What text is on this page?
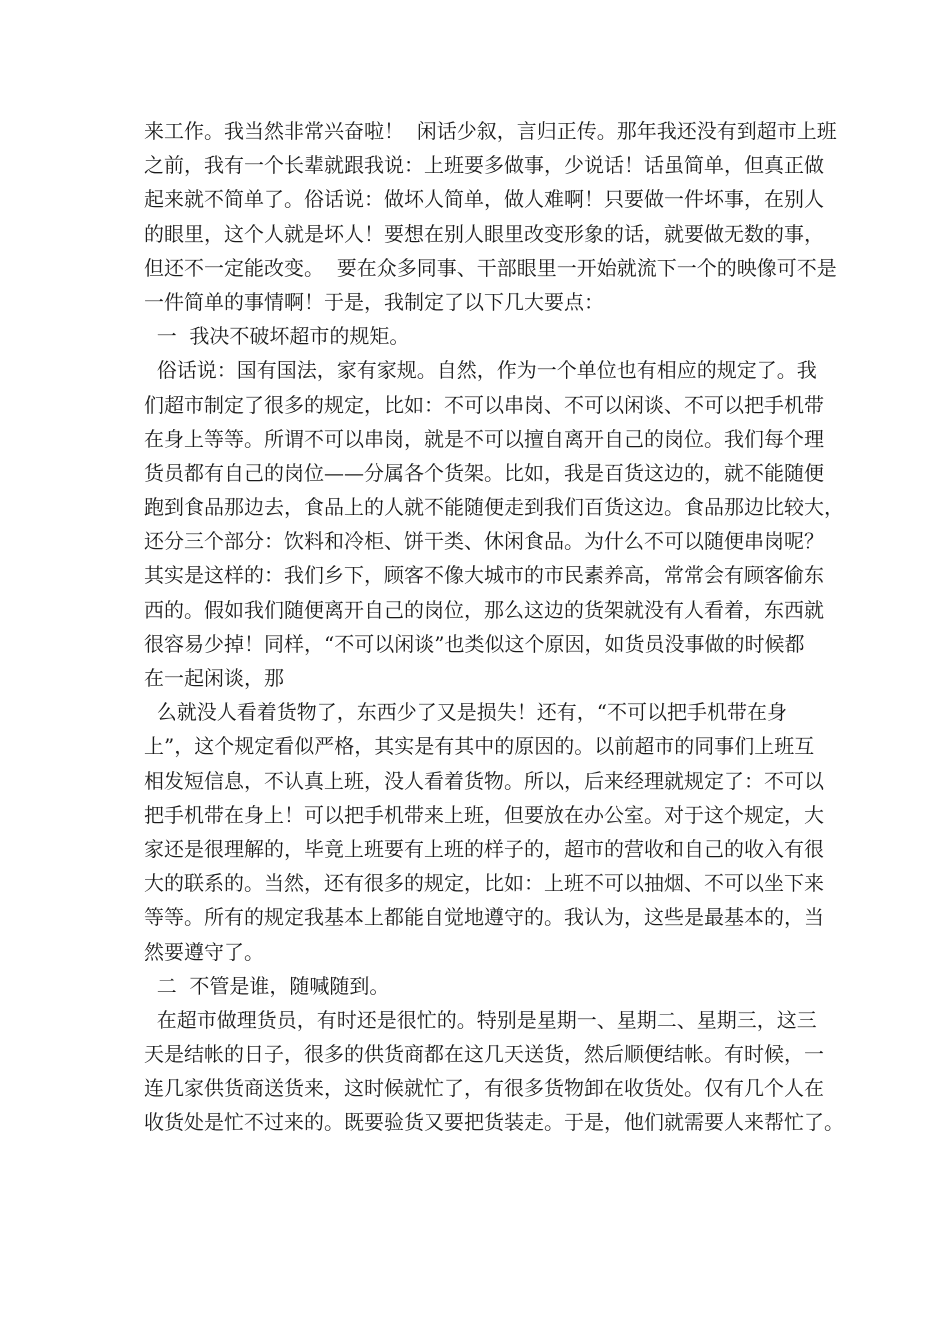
来工作。我当然非常兴奋啦！  闲话少叙，言归正传。那年我还没有到超市上班

之前，我有一个长辈就跟我说：上班要多做事，少说话！话虽简单，但真正做

起来就不简单了。俗话说：做坏人简单，做人难啊！只要做一件坏事，在别人

的眼里，这个人就是坏人！要想在别人眼里改变形象的话，就要做无数的事，

但还不一定能改变。  要在众多同事、干部眼里一开始就流下一个的映像可不是

一件简单的事情啊！于是，我制定了以下几大要点：

一  我决不破坏超市的规矩。

俗话说：国有国法，家有家规。自然，作为一个单位也有相应的规定了。我

们超市制定了很多的规定，比如：不可以串岗、不可以闲谈、不可以把手机带

在身上等等。所谓不可以串岗，就是不可以擅自离开自己的岗位。我们每个理

货员都有自己的岗位——分属各个货架。比如，我是百货这边的，就不能随便

跑到食品那边去，食品上的人就不能随便走到我们百货这边。食品那边比较大，

还分三个部分：饮料和冷柜、饼干类、休闲食品。为什么不可以随便串岗呢？

其实是这样的：我们乡下，顾客不像大城市的市民素养高，常常会有顾客偷东

西的。假如我们随便离开自己的岗位，那么这边的货架就没有人看着，东西就

很容易少掉！同样，“不可以闲谈”也类似这个原因，如货员没事做的时候都

在一起闲谈，那

么就没人看着货物了，东西少了又是损失！还有，“不可以把手机带在身

上”，这个规定看似严格，其实是有其中的原因的。以前超市的同事们上班互

相发短信息，不认真上班，没人看着货物。所以，后来经理就规定了：不可以

把手机带在身上！可以把手机带来上班，但要放在办公室。对于这个规定，大

家还是很理解的，毕竟上班要有上班的样子的，超市的营收和自己的收入有很

大的联系的。当然，还有很多的规定，比如：上班不可以抽烟、不可以坐下来

等等。所有的规定我基本上都能自觉地遵守的。我认为，这些是最基本的，当

然要遵守了。

二  不管是谁，随喊随到。

在超市做理货员，有时还是很忙的。特别是星期一、星期二、星期三，这三

天是结帐的日子，很多的供货商都在这几天送货，然后顺便结帐。有时候，一

连几家供货商送货来，这时候就忙了，有很多货物卸在收货处。仅有几个人在

收货处是忙不过来的。既要验货又要把货装走。于是，他们就需要人来帮忙了。
